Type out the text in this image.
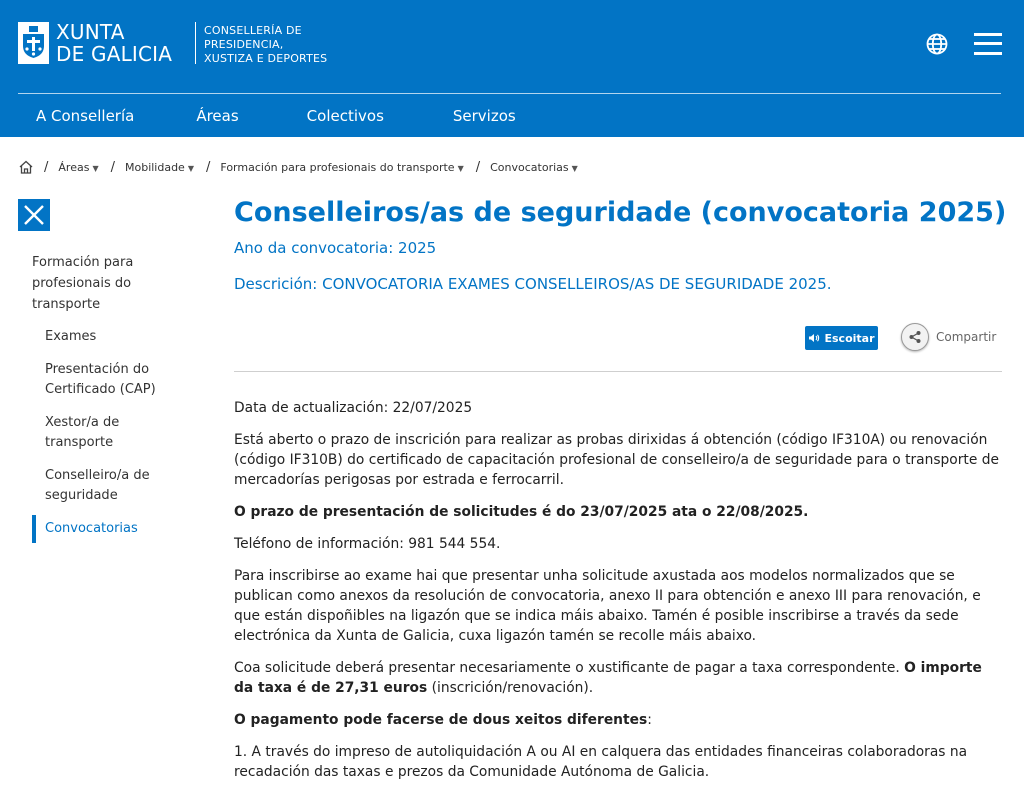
XUNTA
DE GALICIA
CONSELLERÍA DE
PRESIDENCIA,
XUSTIZA E DEPORTES
A Consellería	Áreas	Colectivos	Servizos
/ Áreas ▼ / Mobilidade ▼ / Formación para profesionais do transporte ▼ / Convocatorias ▼
Formación para profesionais do transporte
Exames
Presentación do Certificado (CAP)
Xestor/a de transporte
Conselleiro/a de seguridade
Convocatorias
Conselleiros/as de seguridade (convocatoria 2025)
Ano da convocatoria: 2025
Descrición: CONVOCATORIA EXAMES CONSELLEIROS/AS DE SEGURIDADE 2025.
Escoitar	Compartir

Data de actualización: 22/07/2025

Está aberto o prazo de inscrición para realizar as probas dirixidas á obtención (código IF310A) ou renovación (código IF310B) do certificado de capacitación profesional de conselleiro/a de seguridade para o transporte de mercadorías perigosas por estrada e ferrocarril.

O prazo de presentación de solicitudes é do 23/07/2025 ata o 22/08/2025.

Teléfono de información: 981 544 554.

Para inscribirse ao exame hai que presentar unha solicitude axustada aos modelos normalizados que se publican como anexos da resolución de convocatoria, anexo II para obtención e anexo III para renovación, e que están dispoñibles na ligazón que se indica máis abaixo. Tamén é posible inscribirse a través da sede electrónica da Xunta de Galicia, cuxa ligazón tamén se recolle máis abaixo.

Coa solicitude deberá presentar necesariamente o xustificante de pagar a taxa correspondente. O importe da taxa é de 27,31 euros (inscrición/renovación).

O pagamento pode facerse de dous xeitos diferentes:

1. A través do impreso de autoliquidación A ou AI en calquera das entidades financeiras colaboradoras na recadación das taxas e prezos da Comunidade Autónoma de Galicia.
